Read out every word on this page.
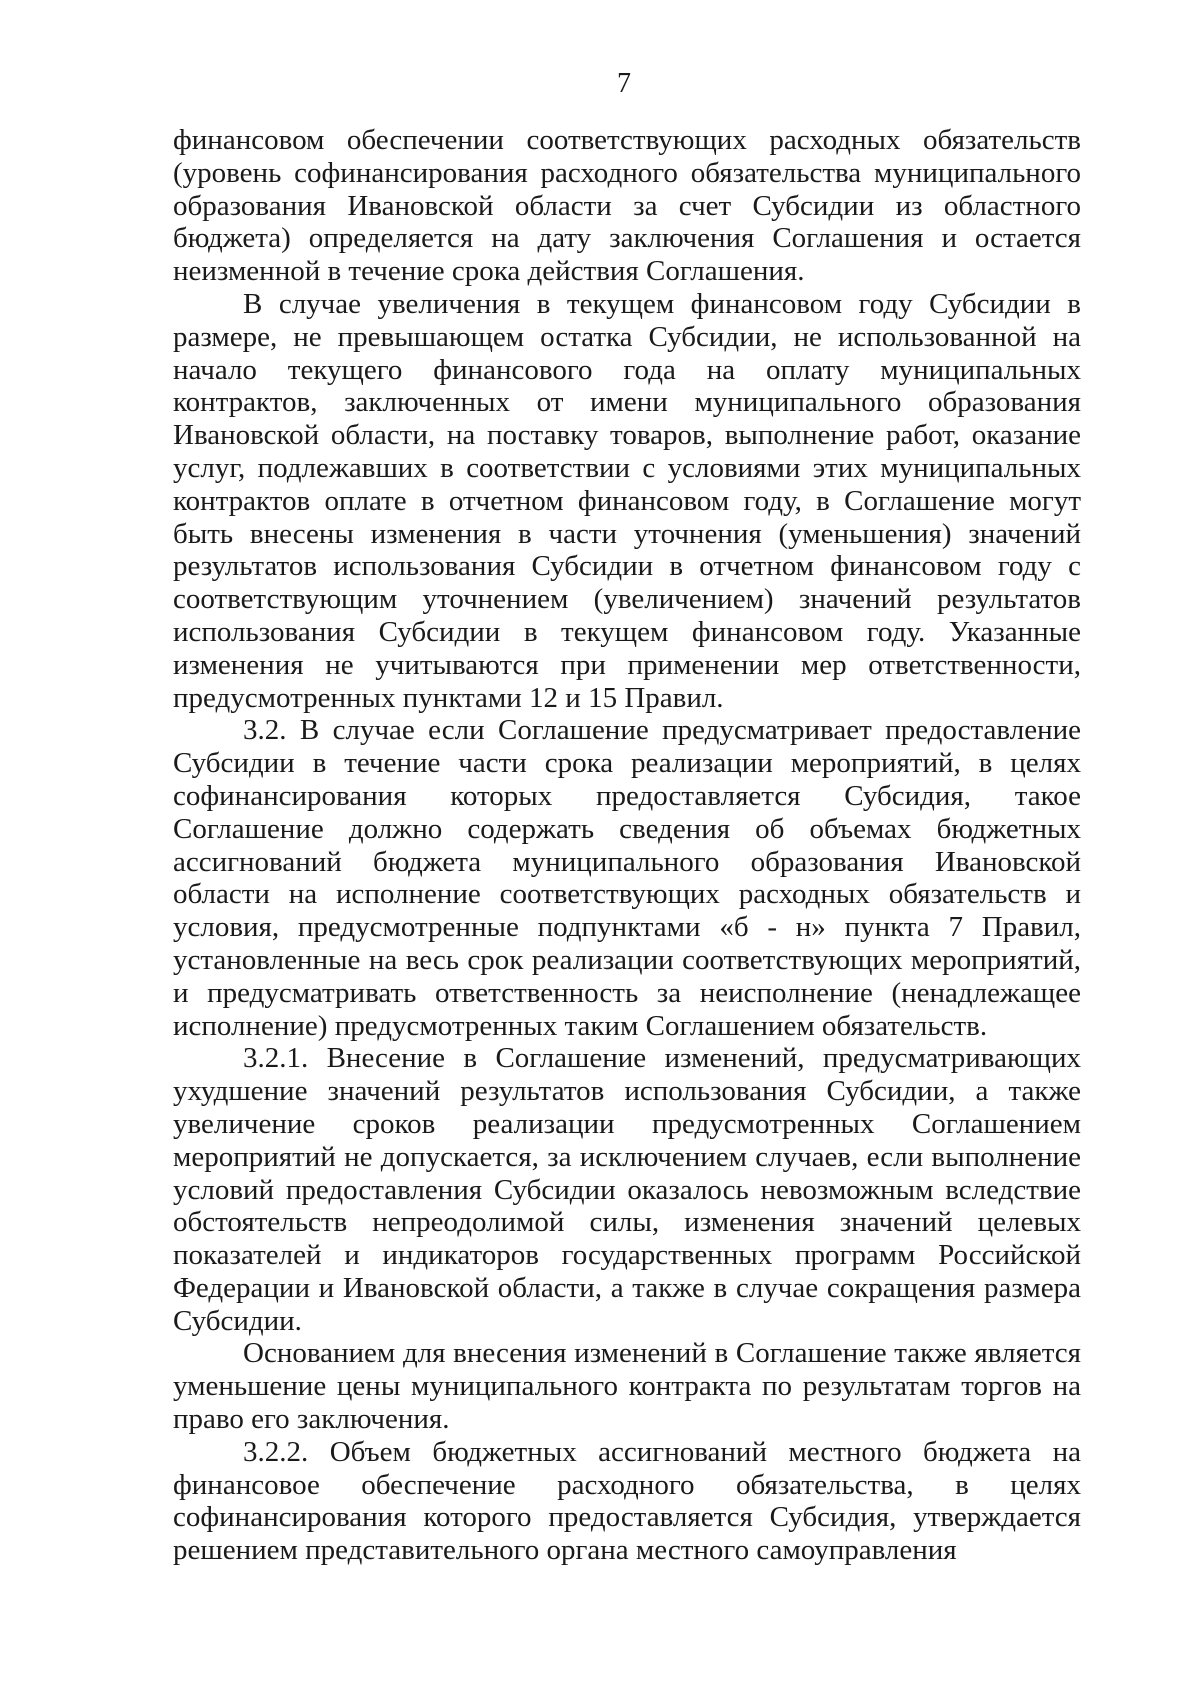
7

финансовом обеспечении соответствующих расходных обязательств (уровень софинансирования расходного обязательства муниципального образования Ивановской области за счет Субсидии из областного бюджета) определяется на дату заключения Соглашения и остается неизменной в течение срока действия Соглашения.

В случае увеличения в текущем финансовом году Субсидии в размере, не превышающем остатка Субсидии, не использованной на начало текущего финансового года на оплату муниципальных контрактов, заключенных от имени муниципального образования Ивановской области, на поставку товаров, выполнение работ, оказание услуг, подлежавших в соответствии с условиями этих муниципальных контрактов оплате в отчетном финансовом году, в Соглашение могут быть внесены изменения в части уточнения (уменьшения) значений результатов использования Субсидии в отчетном финансовом году с соответствующим уточнением (увеличением) значений результатов использования Субсидии в текущем финансовом году. Указанные изменения не учитываются при применении мер ответственности, предусмотренных пунктами 12 и 15 Правил.

3.2. В случае если Соглашение предусматривает предоставление Субсидии в течение части срока реализации мероприятий, в целях софинансирования которых предоставляется Субсидия, такое Соглашение должно содержать сведения об объемах бюджетных ассигнований бюджета муниципального образования Ивановской области на исполнение соответствующих расходных обязательств и условия, предусмотренные подпунктами «б - н» пункта 7 Правил, установленные на весь срок реализации соответствующих мероприятий, и предусматривать ответственность за неисполнение (ненадлежащее исполнение) предусмотренных таким Соглашением обязательств.

3.2.1. Внесение в Соглашение изменений, предусматривающих ухудшение значений результатов использования Субсидии, а также увеличение сроков реализации предусмотренных Соглашением мероприятий не допускается, за исключением случаев, если выполнение условий предоставления Субсидии оказалось невозможным вследствие обстоятельств непреодолимой силы, изменения значений целевых показателей и индикаторов государственных программ Российской Федерации и Ивановской области, а также в случае сокращения размера Субсидии.

Основанием для внесения изменений в Соглашение также является уменьшение цены муниципального контракта по результатам торгов на право его заключения.

3.2.2. Объем бюджетных ассигнований местного бюджета на финансовое обеспечение расходного обязательства, в целях софинансирования которого предоставляется Субсидия, утверждается решением представительного органа местного самоуправления
